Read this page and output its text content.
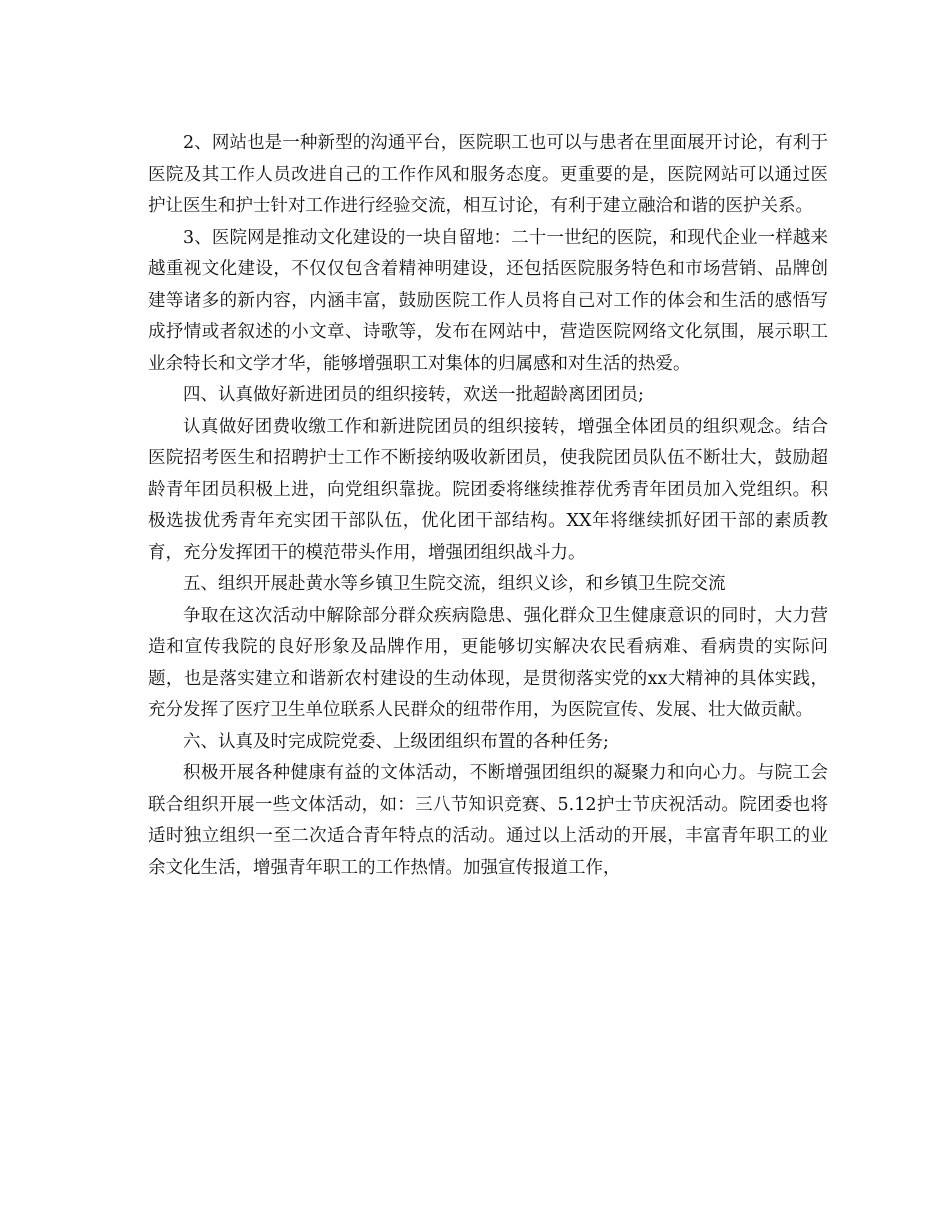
2、网站也是一种新型的沟通平台，医院职工也可以与患者在里面展开讨论，有利于医院及其工作人员改进自己的工作作风和服务态度。更重要的是，医院网站可以通过医护让医生和护士针对工作进行经验交流，相互讨论，有利于建立融洽和谐的医护关系。

3、医院网是推动文化建设的一块自留地：二十一世纪的医院，和现代企业一样越来越重视文化建设，不仅仅包含着精神明建设，还包括医院服务特色和市场营销、品牌创建等诸多的新内容，内涵丰富，鼓励医院工作人员将自己对工作的体会和生活的感悟写成抒情或者叙述的小文章、诗歌等，发布在网站中，营造医院网络文化氛围，展示职工业余特长和文学才华，能够增强职工对集体的归属感和对生活的热爱。

四、认真做好新进团员的组织接转，欢送一批超龄离团团员;

认真做好团费收缴工作和新进院团员的组织接转，增强全体团员的组织观念。结合医院招考医生和招聘护士工作不断接纳吸收新团员，使我院团员队伍不断壮大，鼓励超龄青年团员积极上进，向党组织靠拢。院团委将继续推荐优秀青年团员加入党组织。积极选拔优秀青年充实团干部队伍，优化团干部结构。XX年将继续抓好团干部的素质教育，充分发挥团干的模范带头作用，增强团组织战斗力。

五、组织开展赴黄水等乡镇卫生院交流，组织义诊，和乡镇卫生院交流

争取在这次活动中解除部分群众疾病隐患、强化群众卫生健康意识的同时，大力营造和宣传我院的良好形象及品牌作用，更能够切实解决农民看病难、看病贵的实际问题，也是落实建立和谐新农村建设的生动体现，是贯彻落实党的xx大精神的具体实践，充分发挥了医疗卫生单位联系人民群众的纽带作用，为医院宣传、发展、壮大做贡献。

六、认真及时完成院党委、上级团组织布置的各种任务;

积极开展各种健康有益的文体活动，不断增强团组织的凝聚力和向心力。与院工会联合组织开展一些文体活动，如：三八节知识竞赛、5.12护士节庆祝活动。院团委也将适时独立组织一至二次适合青年特点的活动。通过以上活动的开展，丰富青年职工的业余文化生活，增强青年职工的工作热情。加强宣传报道工作，
